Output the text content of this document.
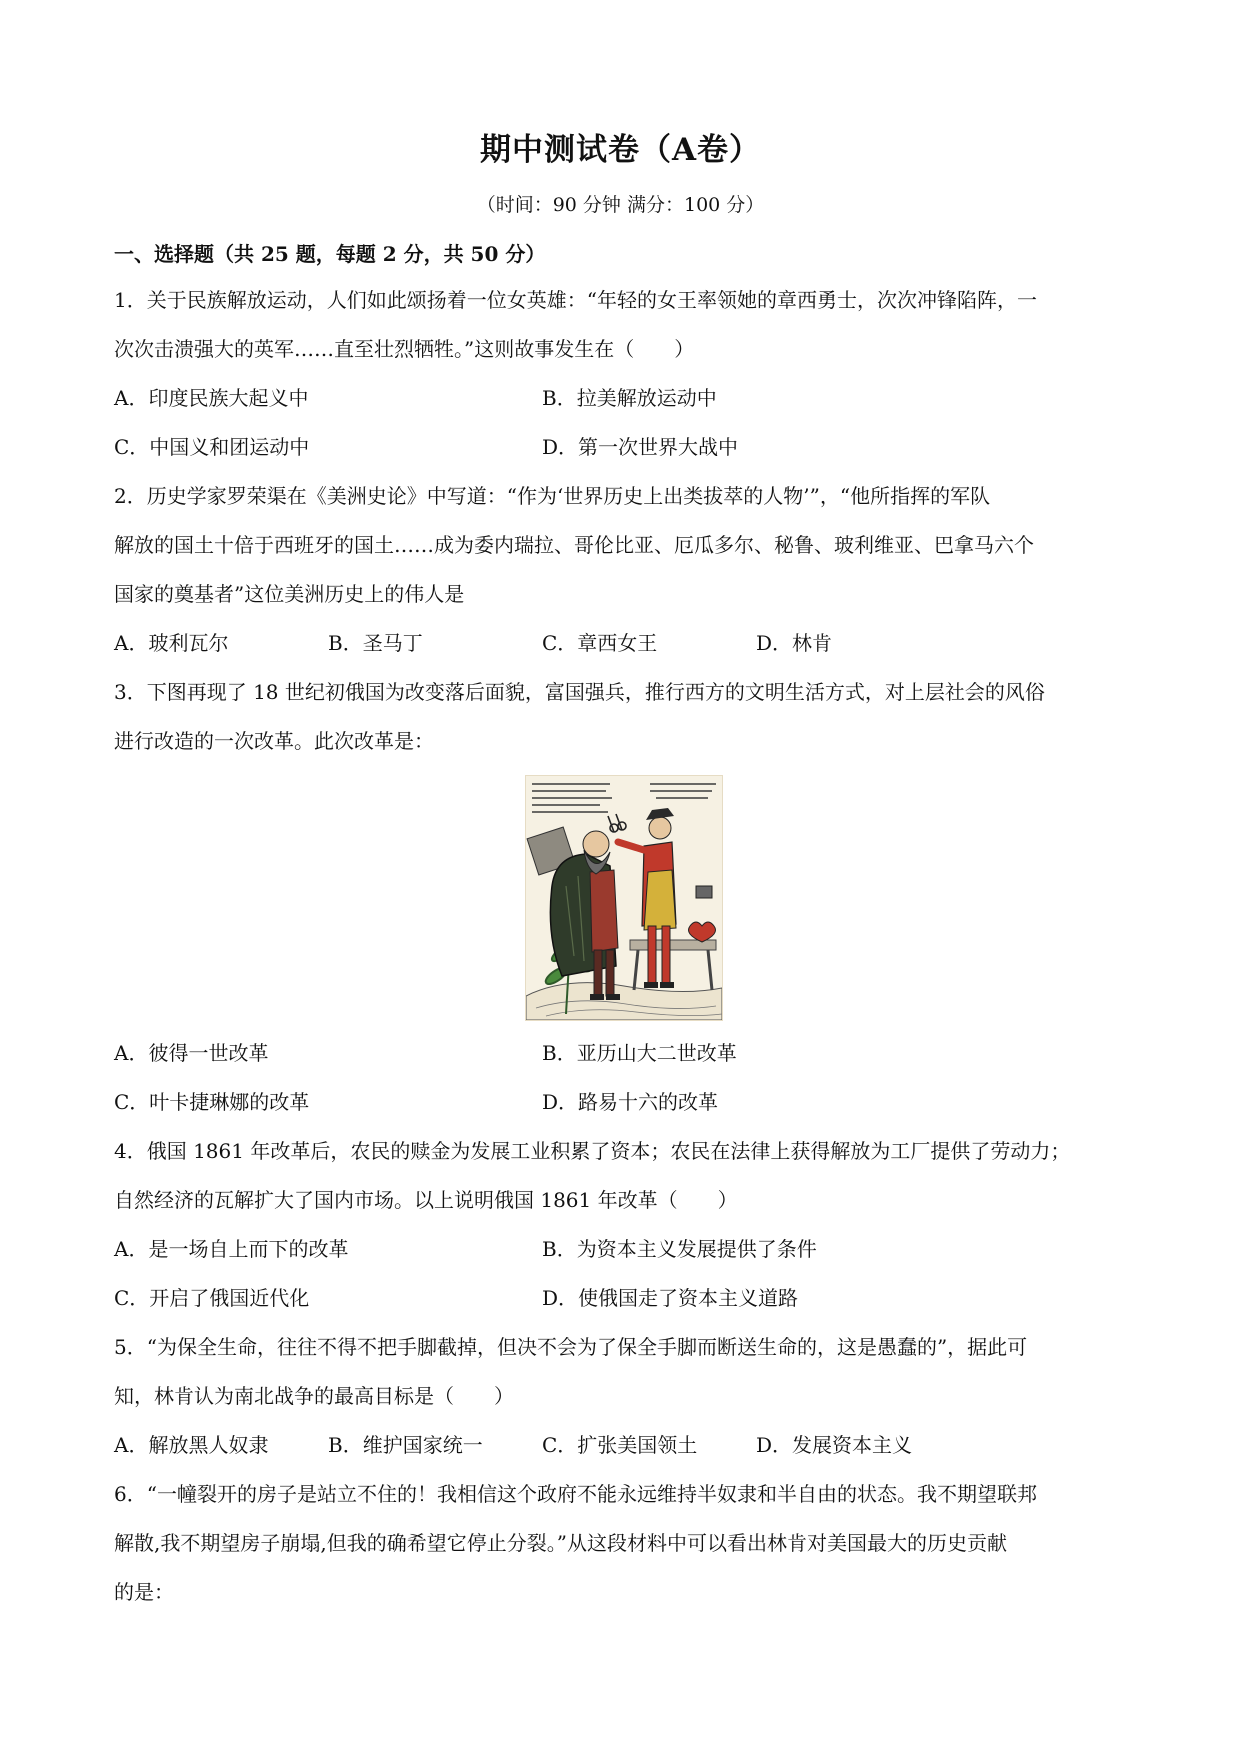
期中测试卷（A卷）
（时间：90 分钟 满分：100 分）
一、选择题（共 25 题，每题 2 分，共 50 分）
1．关于民族解放运动，人们如此颂扬着一位女英雄：“年轻的女王率领她的章西勇士，次次冲锋陷阵，一
次次击溃强大的英军……直至壮烈牺牲。”这则故事发生在（　　）
A．印度民族大起义中	B．拉美解放运动中
C．中国义和团运动中	D．第一次世界大战中
2．历史学家罗荣渠在《美洲史论》中写道：“作为‘世界历史上出类拔萃的人物’”，“他所指挥的军队
解放的国土十倍于西班牙的国土……成为委内瑞拉、哥伦比亚、厄瓜多尔、秘鲁、玻利维亚、巴拿马六个
国家的奠基者”这位美洲历史上的伟人是
A．玻利瓦尔	B．圣马丁	C．章西女王	D．林肯
3．下图再现了 18 世纪初俄国为改变落后面貌，富国强兵，推行西方的文明生活方式，对上层社会的风俗
进行改造的一次改革。此次改革是：
A．彼得一世改革	B．亚历山大二世改革
C．叶卡捷琳娜的改革	D．路易十六的改革
4．俄国 1861 年改革后，农民的赎金为发展工业积累了资本；农民在法律上获得解放为工厂提供了劳动力；
自然经济的瓦解扩大了国内市场。以上说明俄国 1861 年改革（　　）
A．是一场自上而下的改革	B．为资本主义发展提供了条件
C．开启了俄国近代化	D．使俄国走了资本主义道路
5．“为保全生命，往往不得不把手脚截掉，但决不会为了保全手脚而断送生命的，这是愚蠢的”，据此可
知，林肯认为南北战争的最高目标是（　　）
A．解放黑人奴隶	B．维护国家统一	C．扩张美国领土	D．发展资本主义
6．“一幢裂开的房子是站立不住的！我相信这个政府不能永远维持半奴隶和半自由的状态。我不期望联邦
解散,我不期望房子崩塌,但我的确希望它停止分裂。”从这段材料中可以看出林肯对美国最大的历史贡献
的是：
